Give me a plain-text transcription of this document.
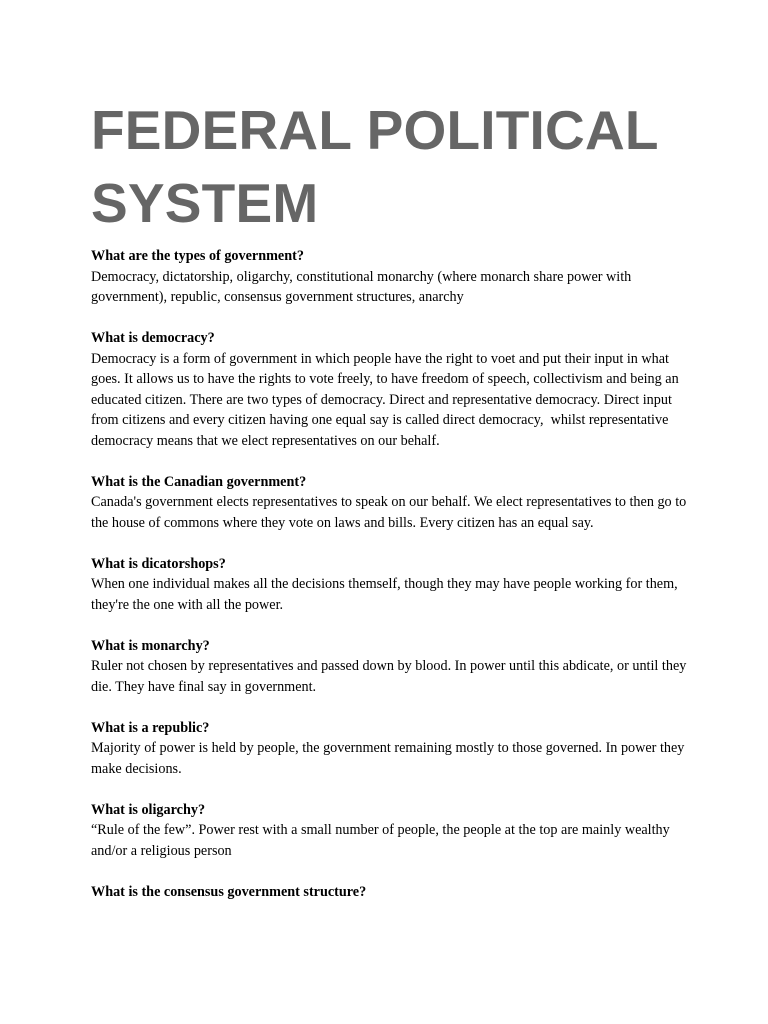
FEDERAL POLITICAL SYSTEM

What are the types of government?

Democracy, dictatorship, oligarchy, constitutional monarchy (where monarch share power with government), republic, consensus government structures, anarchy

What is democracy?

Democracy is a form of government in which people have the right to voet and put their input in what goes. It allows us to have the rights to vote freely, to have freedom of speech, collectivism and being an educated citizen. There are two types of democracy. Direct and representative democracy. Direct input from citizens and every citizen having one equal say is called direct democracy,  whilst representative democracy means that we elect representatives on our behalf.

What is the Canadian government?

Canada's government elects representatives to speak on our behalf. We elect representatives to then go to the house of commons where they vote on laws and bills. Every citizen has an equal say.

What is dicatorshops?

When one individual makes all the decisions themself, though they may have people working for them, they're the one with all the power.

What is monarchy?

Ruler not chosen by representatives and passed down by blood. In power until this abdicate, or until they die. They have final say in government.

What is a republic?

Majority of power is held by people, the government remaining mostly to those governed. In power they make decisions.

What is oligarchy?

“Rule of the few”. Power rest with a small number of people, the people at the top are mainly wealthy and/or a religious person

What is the consensus government structure?
